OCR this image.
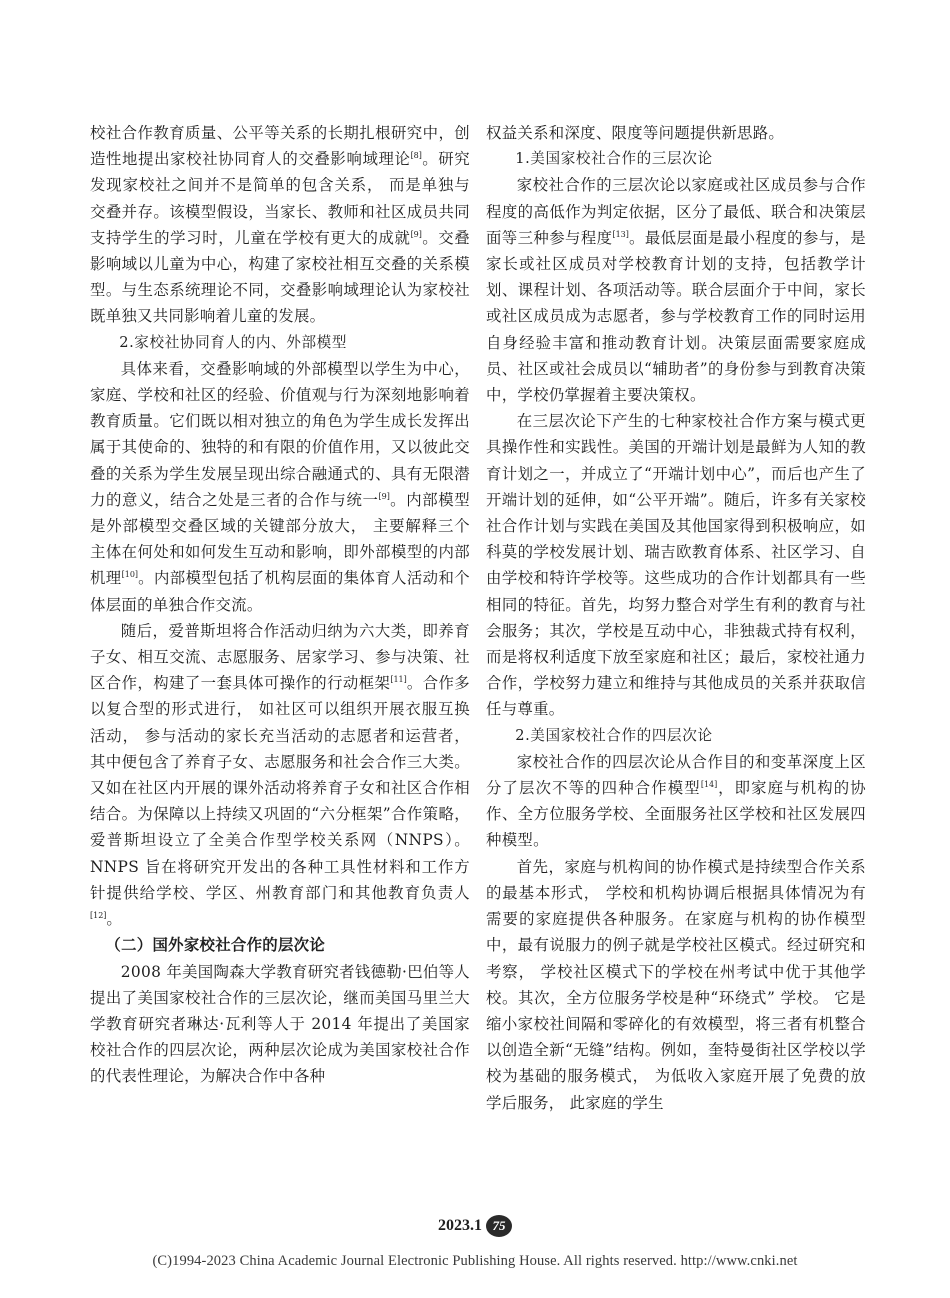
校社合作教育质量、公平等关系的长期扎根研究中，创造性地提出家校社协同育人的交叠影响域理论[8]。研究发现家校社之间并不是简单的包含关系， 而是单独与交叠并存。该模型假设，当家长、教师和社区成员共同支持学生的学习时，儿童在学校有更大的成就[9]。交叠影响域以儿童为中心，构建了家校社相互交叠的关系模型。与生态系统理论不同，交叠影响域理论认为家校社既单独又共同影响着儿童的发展。

2.家校社协同育人的内、外部模型

具体来看，交叠影响域的外部模型以学生为中心，家庭、学校和社区的经验、价值观与行为深刻地影响着教育质量。它们既以相对独立的角色为学生成长发挥出属于其使命的、独特的和有限的价值作用，又以彼此交叠的关系为学生发展呈现出综合融通式的、具有无限潜力的意义，结合之处是三者的合作与统一[9]。内部模型是外部模型交叠区域的关键部分放大， 主要解释三个主体在何处和如何发生互动和影响，即外部模型的内部机理[10]。内部模型包括了机构层面的集体育人活动和个体层面的单独合作交流。

随后，爱普斯坦将合作活动归纳为六大类，即养育子女、相互交流、志愿服务、居家学习、参与决策、社区合作，构建了一套具体可操作的行动框架[11]。合作多以复合型的形式进行， 如社区可以组织开展衣服互换活动， 参与活动的家长充当活动的志愿者和运营者，其中便包含了养育子女、志愿服务和社会合作三大类。又如在社区内开展的课外活动将养育子女和社区合作相结合。为保障以上持续又巩固的“六分框架”合作策略，爱普斯坦设立了全美合作型学校关系网（NNPS）。NNPS 旨在将研究开发出的各种工具性材料和工作方针提供给学校、学区、州教育部门和其他教育负责人[12]。

（二）国外家校社合作的层次论

2008 年美国陶森大学教育研究者钱德勒·巴伯等人提出了美国家校社合作的三层次论，继而美国马里兰大学教育研究者琳达·瓦利等人于 2014 年提出了美国家校社合作的四层次论，两种层次论成为美国家校社合作的代表性理论，为解决合作中各种

权益关系和深度、限度等问题提供新思路。

1.美国家校社合作的三层次论

家校社合作的三层次论以家庭或社区成员参与合作程度的高低作为判定依据，区分了最低、联合和决策层面等三种参与程度[13]。最低层面是最小程度的参与，是家长或社区成员对学校教育计划的支持，包括教学计划、课程计划、各项活动等。联合层面介于中间，家长或社区成员成为志愿者，参与学校教育工作的同时运用自身经验丰富和推动教育计划。决策层面需要家庭成员、社区或社会成员以“辅助者”的身份参与到教育决策中，学校仍掌握着主要决策权。

在三层次论下产生的七种家校社合作方案与模式更具操作性和实践性。美国的开端计划是最鲜为人知的教育计划之一，并成立了“开端计划中心”，而后也产生了开端计划的延伸，如“公平开端”。随后，许多有关家校社合作计划与实践在美国及其他国家得到积极响应，如科莫的学校发展计划、瑞吉欧教育体系、社区学习、自由学校和特许学校等。这些成功的合作计划都具有一些相同的特征。首先，均努力整合对学生有利的教育与社会服务；其次，学校是互动中心，非独裁式持有权利，而是将权利适度下放至家庭和社区；最后，家校社通力合作，学校努力建立和维持与其他成员的关系并获取信任与尊重。

2.美国家校社合作的四层次论

家校社合作的四层次论从合作目的和变革深度上区分了层次不等的四种合作模型[14]，即家庭与机构的协作、全方位服务学校、全面服务社区学校和社区发展四种模型。

首先，家庭与机构间的协作模式是持续型合作关系的最基本形式， 学校和机构协调后根据具体情况为有需要的家庭提供各种服务。在家庭与机构的协作模型中，最有说服力的例子就是学校社区模式。经过研究和考察， 学校社区模式下的学校在州考试中优于其他学校。其次，全方位服务学校是种“环绕式” 学校。 它是缩小家校社间隔和零碎化的有效模型，将三者有机整合以创造全新“无缝”结构。例如，奎特曼街社区学校以学校为基础的服务模式， 为低收入家庭开展了免费的放学后服务， 此家庭的学生

2023.1 75
(C)1994-2023 China Academic Journal Electronic Publishing House. All rights reserved. http://www.cnki.net
